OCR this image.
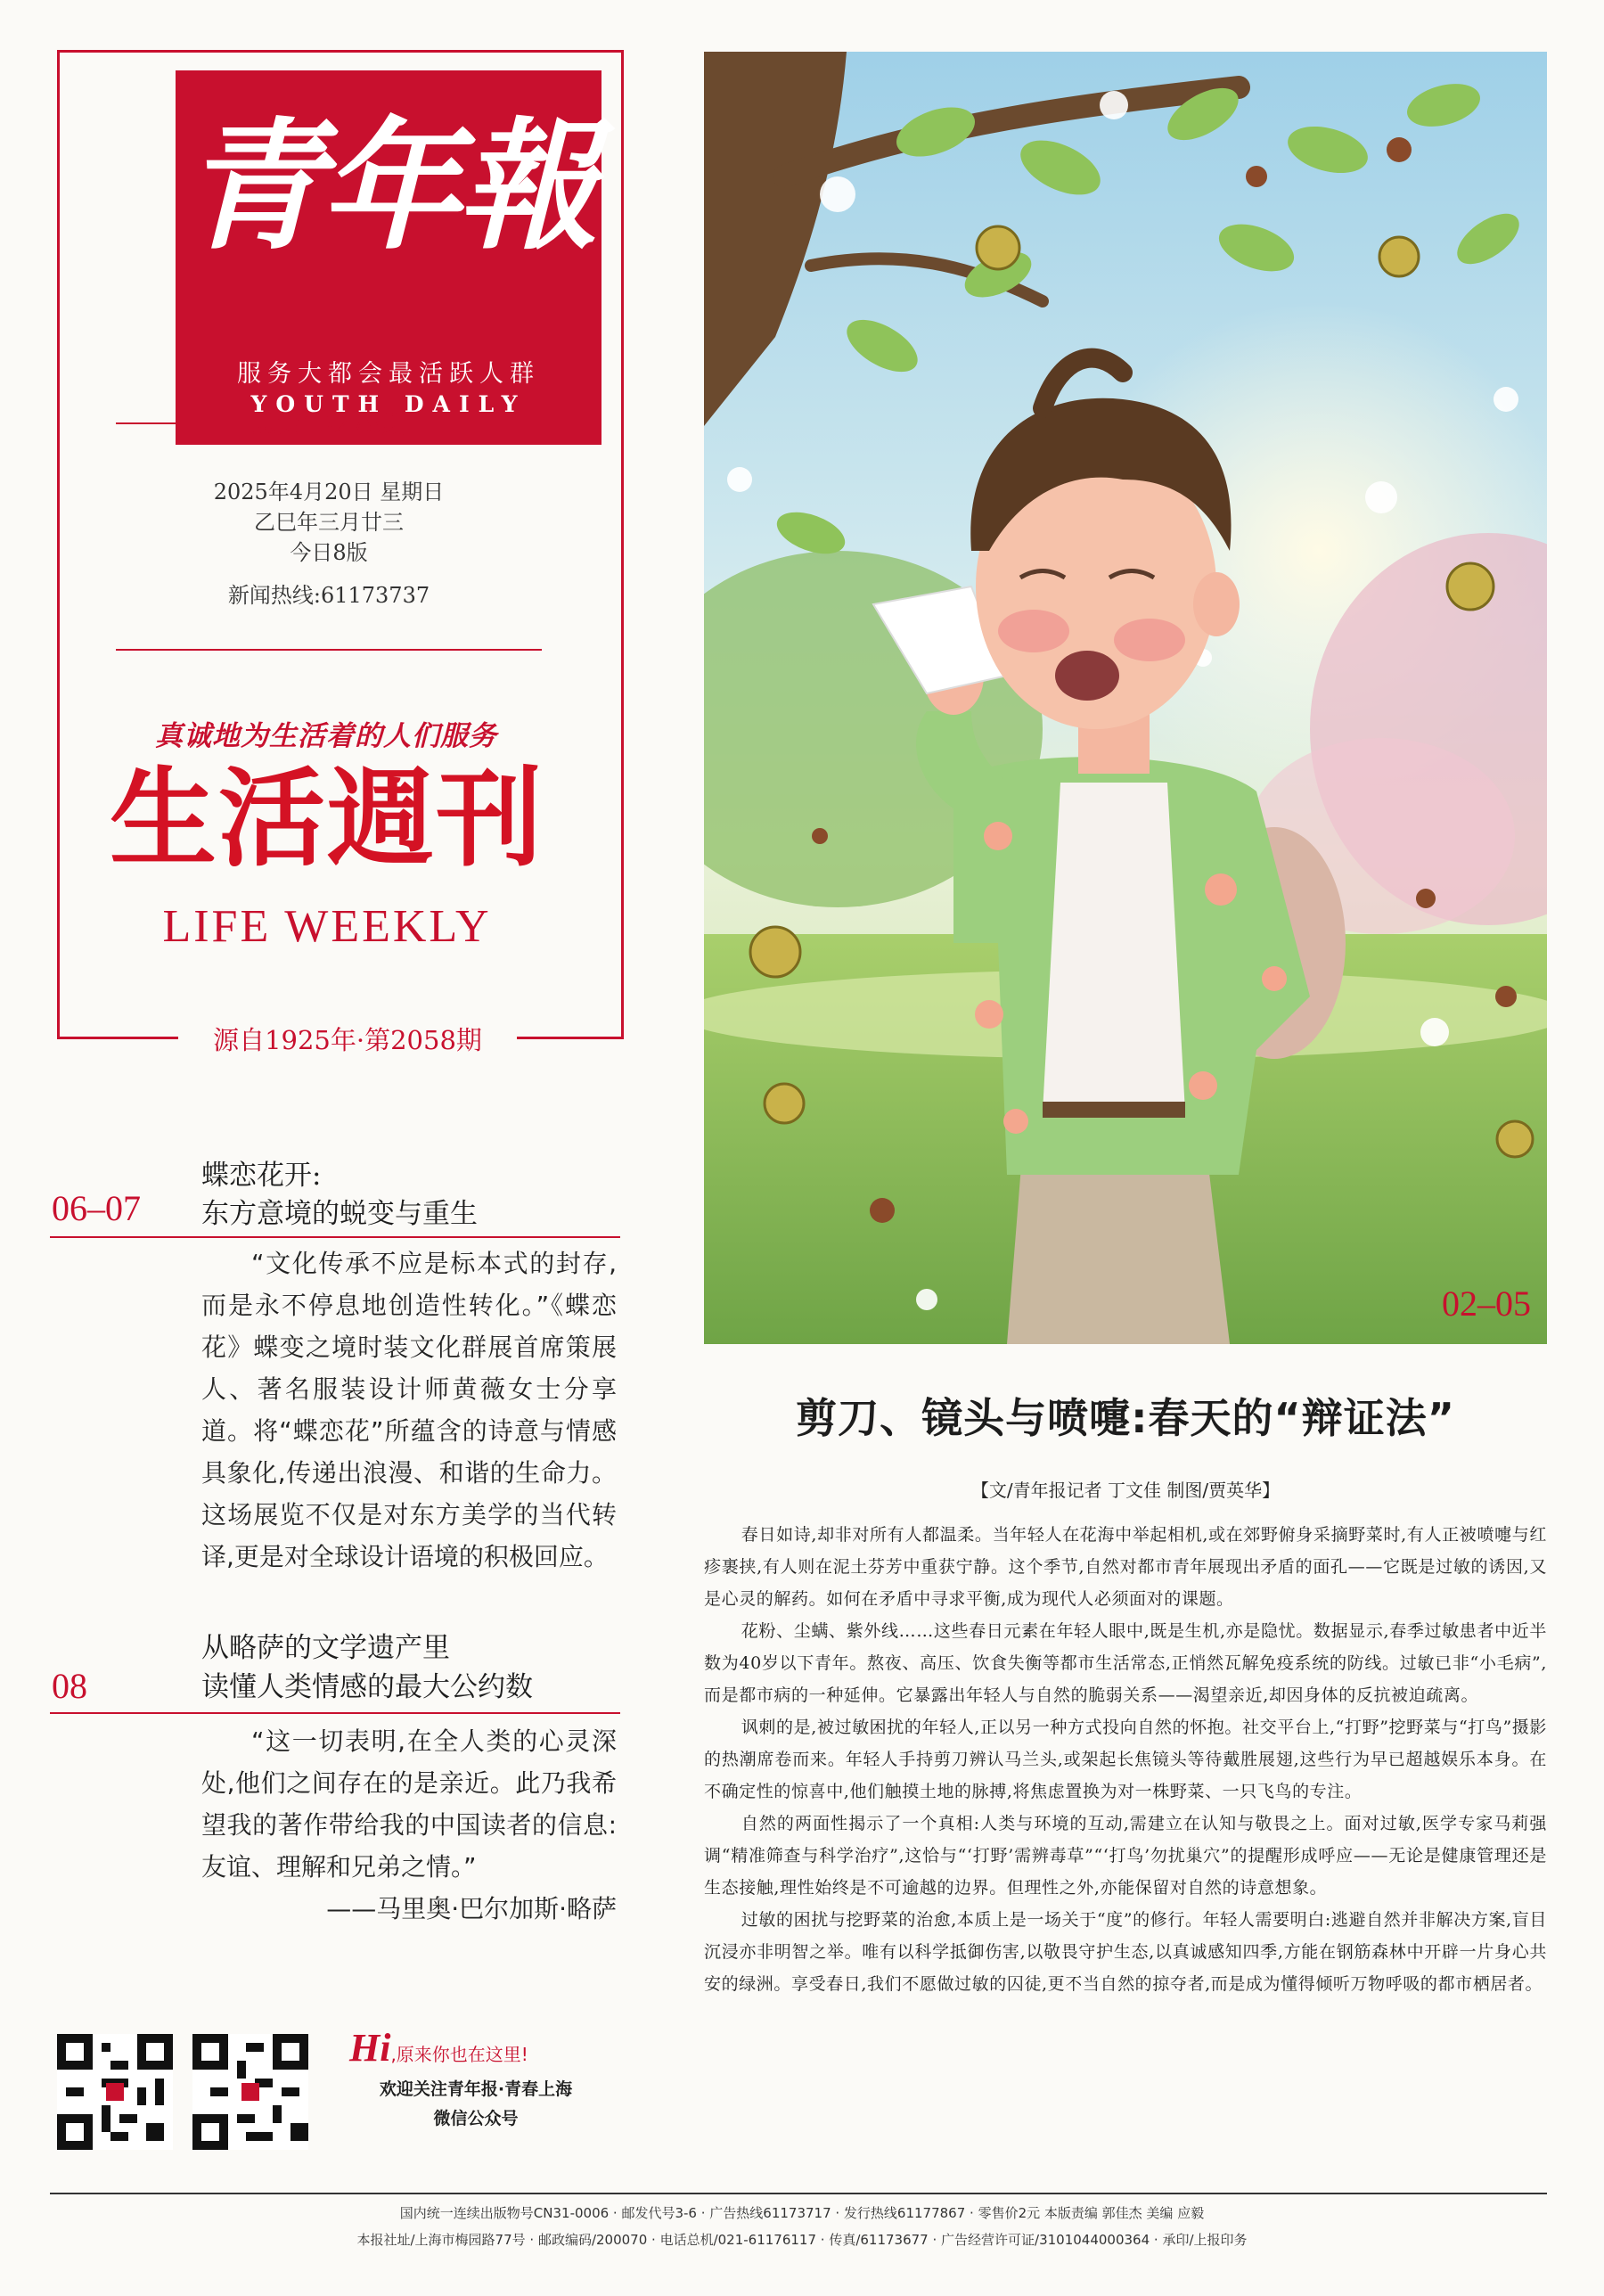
青年報
服务大都会最活跃人群
YOUTH DAILY
总第13278期
2025年4月20日 星期日
乙巳年三月廿三
今日8版
新闻热线:61173737
真诚地为生活着的人们服务
生活週刊
LIFE WEEKLY
源自1925年·第2058期
蝶恋花开:
06–07 东方意境的蜕变与重生
“文化传承不应是标本式的封存,而是永不停息地创造性转化。”《蝶恋花》蝶变之境时装文化群展首席策展人、著名服装设计师黄薇女士分享道。将“蝶恋花”所蕴含的诗意与情感具象化,传递出浪漫、和谐的生命力。这场展览不仅是对东方美学的当代转译,更是对全球设计语境的积极回应。
从略萨的文学遗产里
08	读懂人类情感的最大公约数
“这一切表明,在全人类的心灵深处,他们之间存在的是亲近。此乃我希望我的著作带给我的中国读者的信息:友谊、理解和兄弟之情。”
——马里奥·巴尔加斯·略萨
02–05
剪刀、镜头与喷嚏:春天的“辩证法”
【文/青年报记者 丁文佳 制图/贾英华】

春日如诗,却非对所有人都温柔。当年轻人在花海中举起相机,或在郊野俯身采摘野菜时,有人正被喷嚏与红疹裹挟,有人则在泥土芬芳中重获宁静。这个季节,自然对都市青年展现出矛盾的面孔——它既是过敏的诱因,又是心灵的解药。如何在矛盾中寻求平衡,成为现代人必须面对的课题。

花粉、尘螨、紫外线……这些春日元素在年轻人眼中,既是生机,亦是隐忧。数据显示,春季过敏患者中近半数为40岁以下青年。熬夜、高压、饮食失衡等都市生活常态,正悄然瓦解免疫系统的防线。过敏已非“小毛病”,而是都市病的一种延伸。它暴露出年轻人与自然的脆弱关系——渴望亲近,却因身体的反抗被迫疏离。

讽刺的是,被过敏困扰的年轻人,正以另一种方式投向自然的怀抱。社交平台上,“打野”挖野菜与“打鸟”摄影的热潮席卷而来。年轻人手持剪刀辨认马兰头,或架起长焦镜头等待戴胜展翅,这些行为早已超越娱乐本身。在不确定性的惊喜中,他们触摸土地的脉搏,将焦虑置换为对一株野菜、一只飞鸟的专注。

自然的两面性揭示了一个真相:人类与环境的互动,需建立在认知与敬畏之上。面对过敏,医学专家马莉强调“精准筛查与科学治疗”,这恰与“‘打野’需辨毒草”“‘打鸟’勿扰巢穴”的提醒形成呼应——无论是健康管理还是生态接触,理性始终是不可逾越的边界。但理性之外,亦能保留对自然的诗意想象。

过敏的困扰与挖野菜的治愈,本质上是一场关于“度”的修行。年轻人需要明白:逃避自然并非解决方案,盲目沉浸亦非明智之举。唯有以科学抵御伤害,以敬畏守护生态,以真诚感知四季,方能在钢筋森林中开辟一片身心共安的绿洲。享受春日,我们不愿做过敏的囚徒,更不当自然的掠夺者,而是成为懂得倾听万物呼吸的都市栖居者。

Hi,原来你也在这里!
欢迎关注青年报·青春上海
微信公众号
国内统一连续出版物号CN31-0006 · 邮发代号3-6 · 广告热线61173717 · 发行热线61177867 · 零售价2元 本版责编 郭佳杰 美编 应毅
本报社址/上海市梅园路77号 · 邮政编码/200070 · 电话总机/021-61176117 · 传真/61173677 · 广告经营许可证/3101044000364 · 承印/上报印务
